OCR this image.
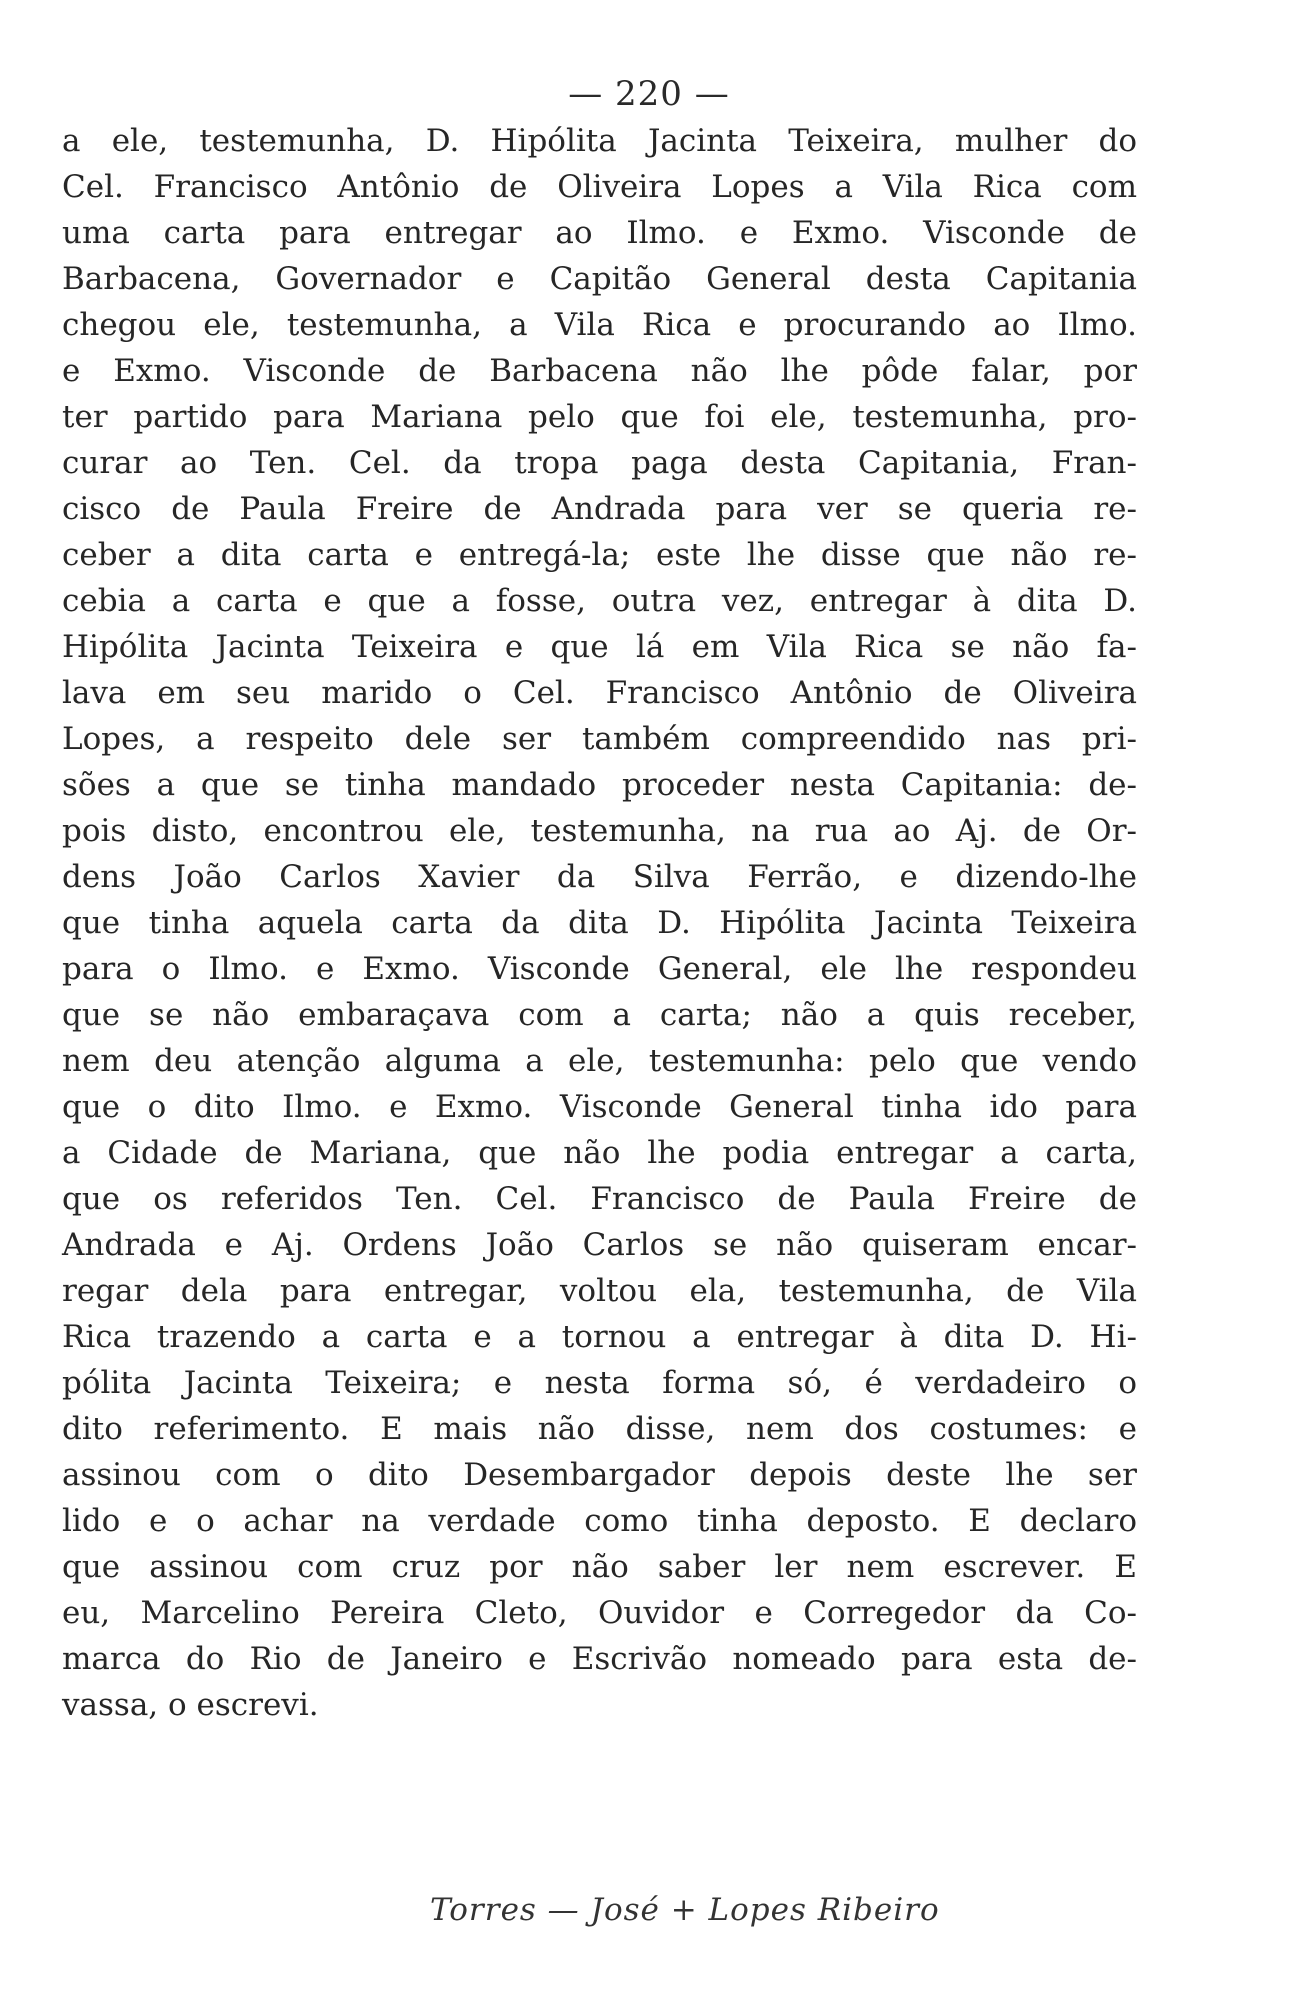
— 220 —
a ele, testemunha, D. Hipólita Jacinta Teixeira, mulher do
Cel. Francisco Antônio de Oliveira Lopes a Vila Rica com
uma carta para entregar ao Ilmo. e Exmo. Visconde de
Barbacena, Governador e Capitão General desta Capitania
chegou ele, testemunha, a Vila Rica e procurando ao Ilmo.
e Exmo. Visconde de Barbacena não lhe pôde falar, por
ter partido para Mariana pelo que foi ele, testemunha, pro-
curar ao Ten. Cel. da tropa paga desta Capitania, Fran-
cisco de Paula Freire de Andrada para ver se queria re-
ceber a dita carta e entregá-la; este lhe disse que não re-
cebia a carta e que a fosse, outra vez, entregar à dita D.
Hipólita Jacinta Teixeira e que lá em Vila Rica se não fa-
lava em seu marido o Cel. Francisco Antônio de Oliveira
Lopes, a respeito dele ser também compreendido nas pri-
sões a que se tinha mandado proceder nesta Capitania: de-
pois disto, encontrou ele, testemunha, na rua ao Aj. de Or-
dens João Carlos Xavier da Silva Ferrão, e dizendo-lhe
que tinha aquela carta da dita D. Hipólita Jacinta Teixeira
para o Ilmo. e Exmo. Visconde General, ele lhe respondeu
que se não embaraçava com a carta; não a quis receber,
nem deu atenção alguma a ele, testemunha: pelo que vendo
que o dito Ilmo. e Exmo. Visconde General tinha ido para
a Cidade de Mariana, que não lhe podia entregar a carta,
que os referidos Ten. Cel. Francisco de Paula Freire de
Andrada e Aj. Ordens João Carlos se não quiseram encar-
regar dela para entregar, voltou ela, testemunha, de Vila
Rica trazendo a carta e a tornou a entregar à dita D. Hi-
pólita Jacinta Teixeira; e nesta forma só, é verdadeiro o
dito referimento. E mais não disse, nem dos costumes: e
assinou com o dito Desembargador depois deste lhe ser
lido e o achar na verdade como tinha deposto. E declaro
que assinou com cruz por não saber ler nem escrever. E
eu, Marcelino Pereira Cleto, Ouvidor e Corregedor da Co-
marca do Rio de Janeiro e Escrivão nomeado para esta de-
vassa, o escrevi.
Torres — José + Lopes Ribeiro
